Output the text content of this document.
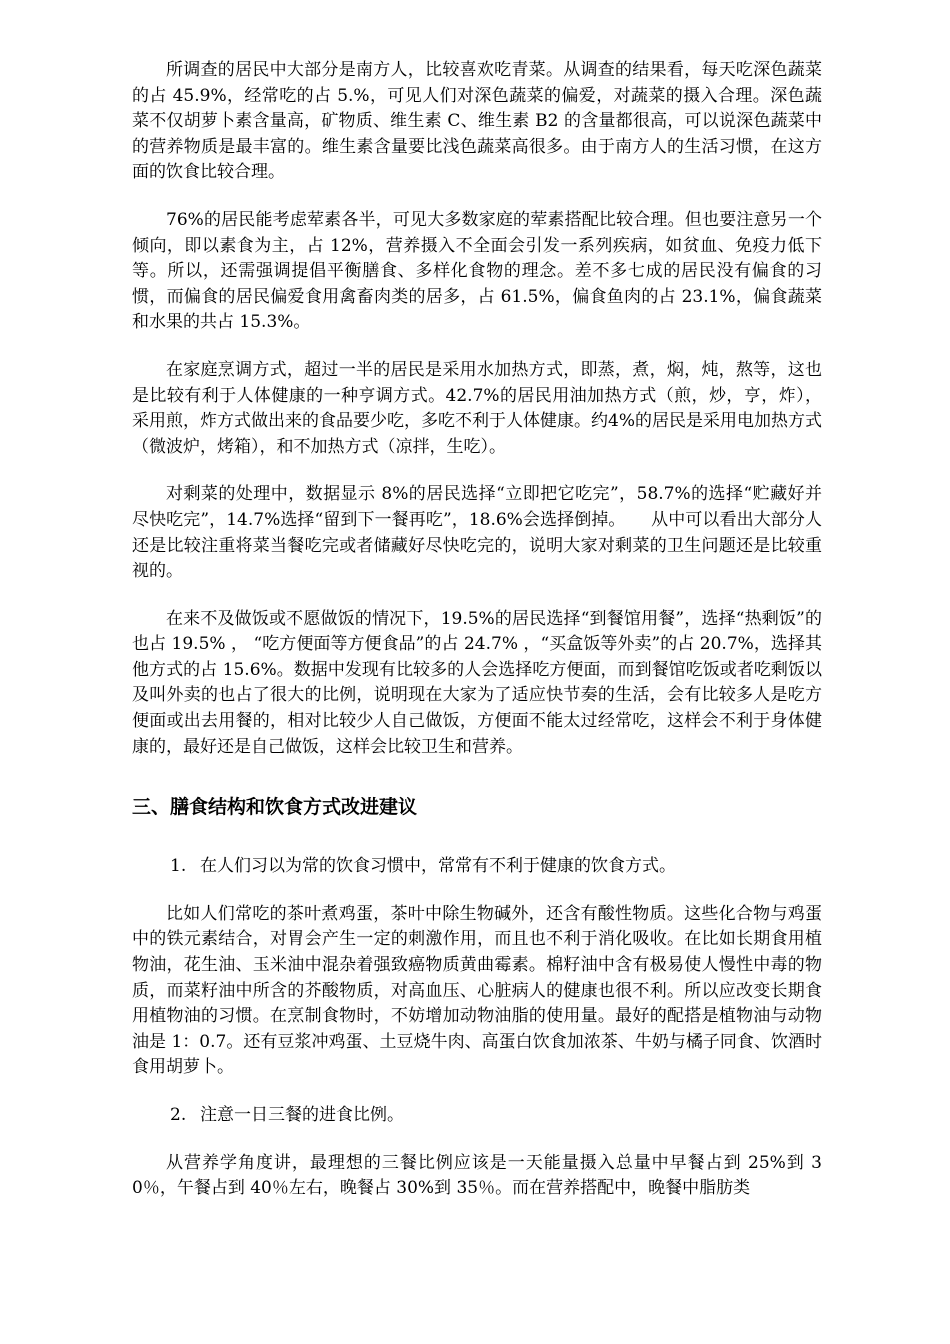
所调查的居民中大部分是南方人，比较喜欢吃青菜。从调查的结果看，每天吃深色蔬菜的占 45.9%，经常吃的占 5.%，可见人们对深色蔬菜的偏爱，对蔬菜的摄入合理。深色蔬菜不仅胡萝卜素含量高，矿物质、维生素 C、维生素 B2 的含量都很高，可以说深色蔬菜中的营养物质是最丰富的。维生素含量要比浅色蔬菜高很多。由于南方人的生活习惯，在这方面的饮食比较合理。

76%的居民能考虑荤素各半，可见大多数家庭的荤素搭配比较合理。但也要注意另一个倾向，即以素食为主，占 12%，营养摄入不全面会引发一系列疾病，如贫血、免疫力低下等。所以，还需强调提倡平衡膳食、多样化食物的理念。差不多七成的居民没有偏食的习惯，而偏食的居民偏爱食用禽畜肉类的居多，占 61.5%，偏食鱼肉的占 23.1%，偏食蔬菜和水果的共占 15.3%。

在家庭烹调方式，超过一半的居民是采用水加热方式，即蒸，煮，焖，炖，熬等，这也是比较有利于人体健康的一种亨调方式。42.7%的居民用油加热方式（煎，炒，亨，炸），采用煎，炸方式做出来的食品要少吃，多吃不利于人体健康。约4%的居民是采用电加热方式（微波炉，烤箱），和不加热方式（凉拌，生吃）。

对剩菜的处理中，数据显示 8%的居民选择“立即把它吃完”，58.7%的选择“贮藏好并尽快吃完”，14.7%选择“留到下一餐再吃”，18.6%会选择倒掉。　　从中可以看出大部分人还是比较注重将菜当餐吃完或者储藏好尽快吃完的，说明大家对剩菜的卫生问题还是比较重视的。

在来不及做饭或不愿做饭的情况下，19.5%的居民选择“到餐馆用餐”，选择“热剩饭”的也占 19.5% ， “吃方便面等方便食品”的占 24.7% ，“买盒饭等外卖”的占 20.7%，选择其他方式的占 15.6%。数据中发现有比较多的人会选择吃方便面，而到餐馆吃饭或者吃剩饭以及叫外卖的也占了很大的比例，说明现在大家为了适应快节奏的生活，会有比较多人是吃方便面或出去用餐的，相对比较少人自己做饭，方便面不能太过经常吃，这样会不利于身体健康的，最好还是自己做饭，这样会比较卫生和营养。

三、膳食结构和饮食方式改进建议
1. 在人们习以为常的饮食习惯中，常常有不利于健康的饮食方式。

比如人们常吃的茶叶煮鸡蛋，茶叶中除生物碱外，还含有酸性物质。这些化合物与鸡蛋中的铁元素结合，对胃会产生一定的刺激作用，而且也不利于消化吸收。在比如长期食用植物油，花生油、玉米油中混杂着强致癌物质黄曲霉素。棉籽油中含有极易使人慢性中毒的物质，而菜籽油中所含的芥酸物质，对高血压、心脏病人的健康也很不利。所以应改变长期食用植物油的习惯。在烹制食物时，不妨增加动物油脂的使用量。最好的配搭是植物油与动物油是 1：0.7。还有豆浆冲鸡蛋、土豆烧牛肉、高蛋白饮食加浓茶、牛奶与橘子同食、饮酒时食用胡萝卜。

2. 注意一日三餐的进食比例。

从营养学角度讲，最理想的三餐比例应该是一天能量摄入总量中早餐占到 25%到 30％，午餐占到 40％左右，晚餐占 30%到 35％。而在营养搭配中，晚餐中脂肪类
